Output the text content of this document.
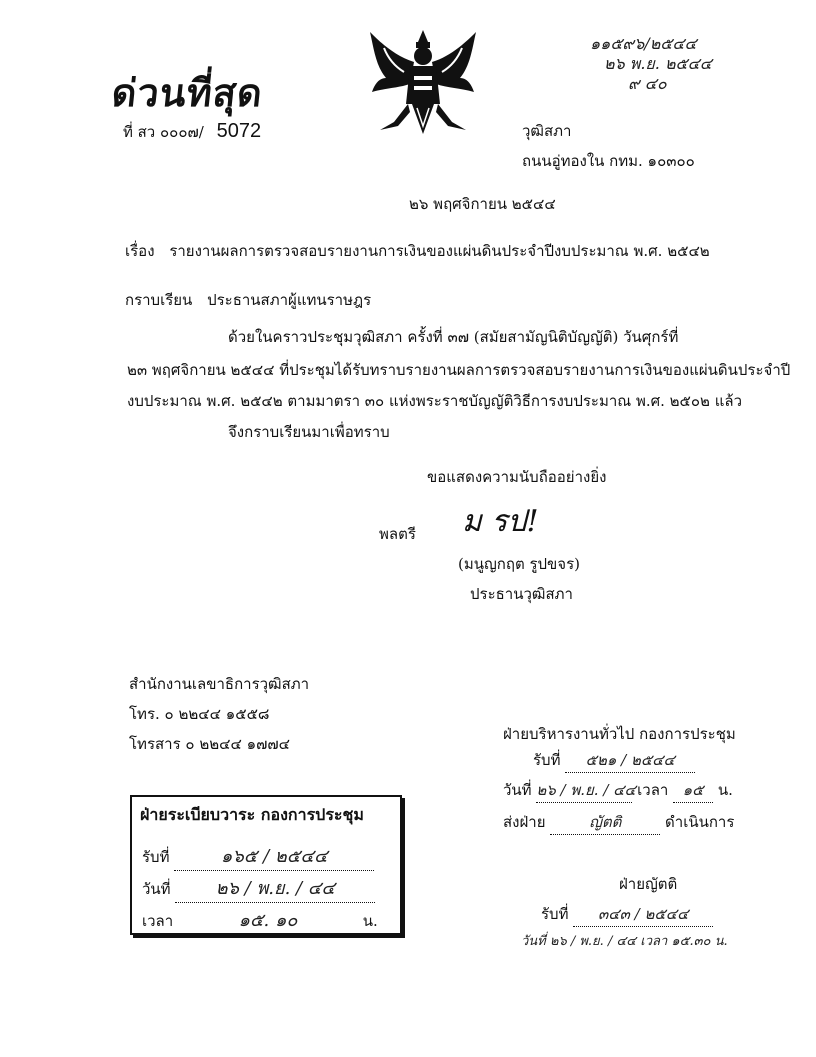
ด่วนที่สุด
ที่ สว ๐๐๐๗/ 5072
๑๑๕๙๖/๒๕๔๔
๒๖ พ.ย. ๒๕๔๔
๙ ๔๐
วุฒิสภา
ถนนอู่ทองใน กทม. ๑๐๓๐๐
๒๖ พฤศจิกายน ๒๕๔๔
เรื่อง รายงานผลการตรวจสอบรายงานการเงินของแผ่นดินประจำปีงบประมาณ พ.ศ. ๒๕๔๒
กราบเรียน ประธานสภาผู้แทนราษฎร
ด้วยในคราวประชุมวุฒิสภา ครั้งที่ ๓๗ (สมัยสามัญนิติบัญญัติ) วันศุกร์ที่
๒๓ พฤศจิกายน ๒๕๔๔ ที่ประชุมได้รับทราบรายงานผลการตรวจสอบรายงานการเงินของแผ่นดินประจำปี
งบประมาณ พ.ศ. ๒๕๔๒ ตามมาตรา ๓๐ แห่งพระราชบัญญัติวิธีการงบประมาณ พ.ศ. ๒๕๐๒ แล้ว
จึงกราบเรียนมาเพื่อทราบ
ขอแสดงความนับถืออย่างยิ่ง
พลตรี ม รป!
(มนูญกฤต รูปขจร)
ประธานวุฒิสภา
สำนักงานเลขาธิการวุฒิสภา
โทร. ๐ ๒๒๔๔ ๑๕๕๘
โทรสาร ๐ ๒๒๔๔ ๑๗๗๔
ฝ่ายระเบียบวาระ กองการประชุม
รับที่	๑๖๕ / ๒๕๔๔
วันที่	๒๖ / พ.ย. / ๔๔
เวลา	๑๕. ๑๐	น.
ฝ่ายบริหารงานทั่วไป กองการประชุม
รับที่ ๕๒๑ / ๒๕๔๔
วันที่ ๒๖ / พ.ย. / ๔๔ เวลา ๑๕ น.
ส่งฝ่าย	ญัตติ	ดำเนินการ
ฝ่ายญัตติ
รับที่ ๓๔๓ / ๒๕๔๔
วันที่ ๒๖ / พ.ย. / ๔๔ เวลา ๑๕.๓๐ น.
